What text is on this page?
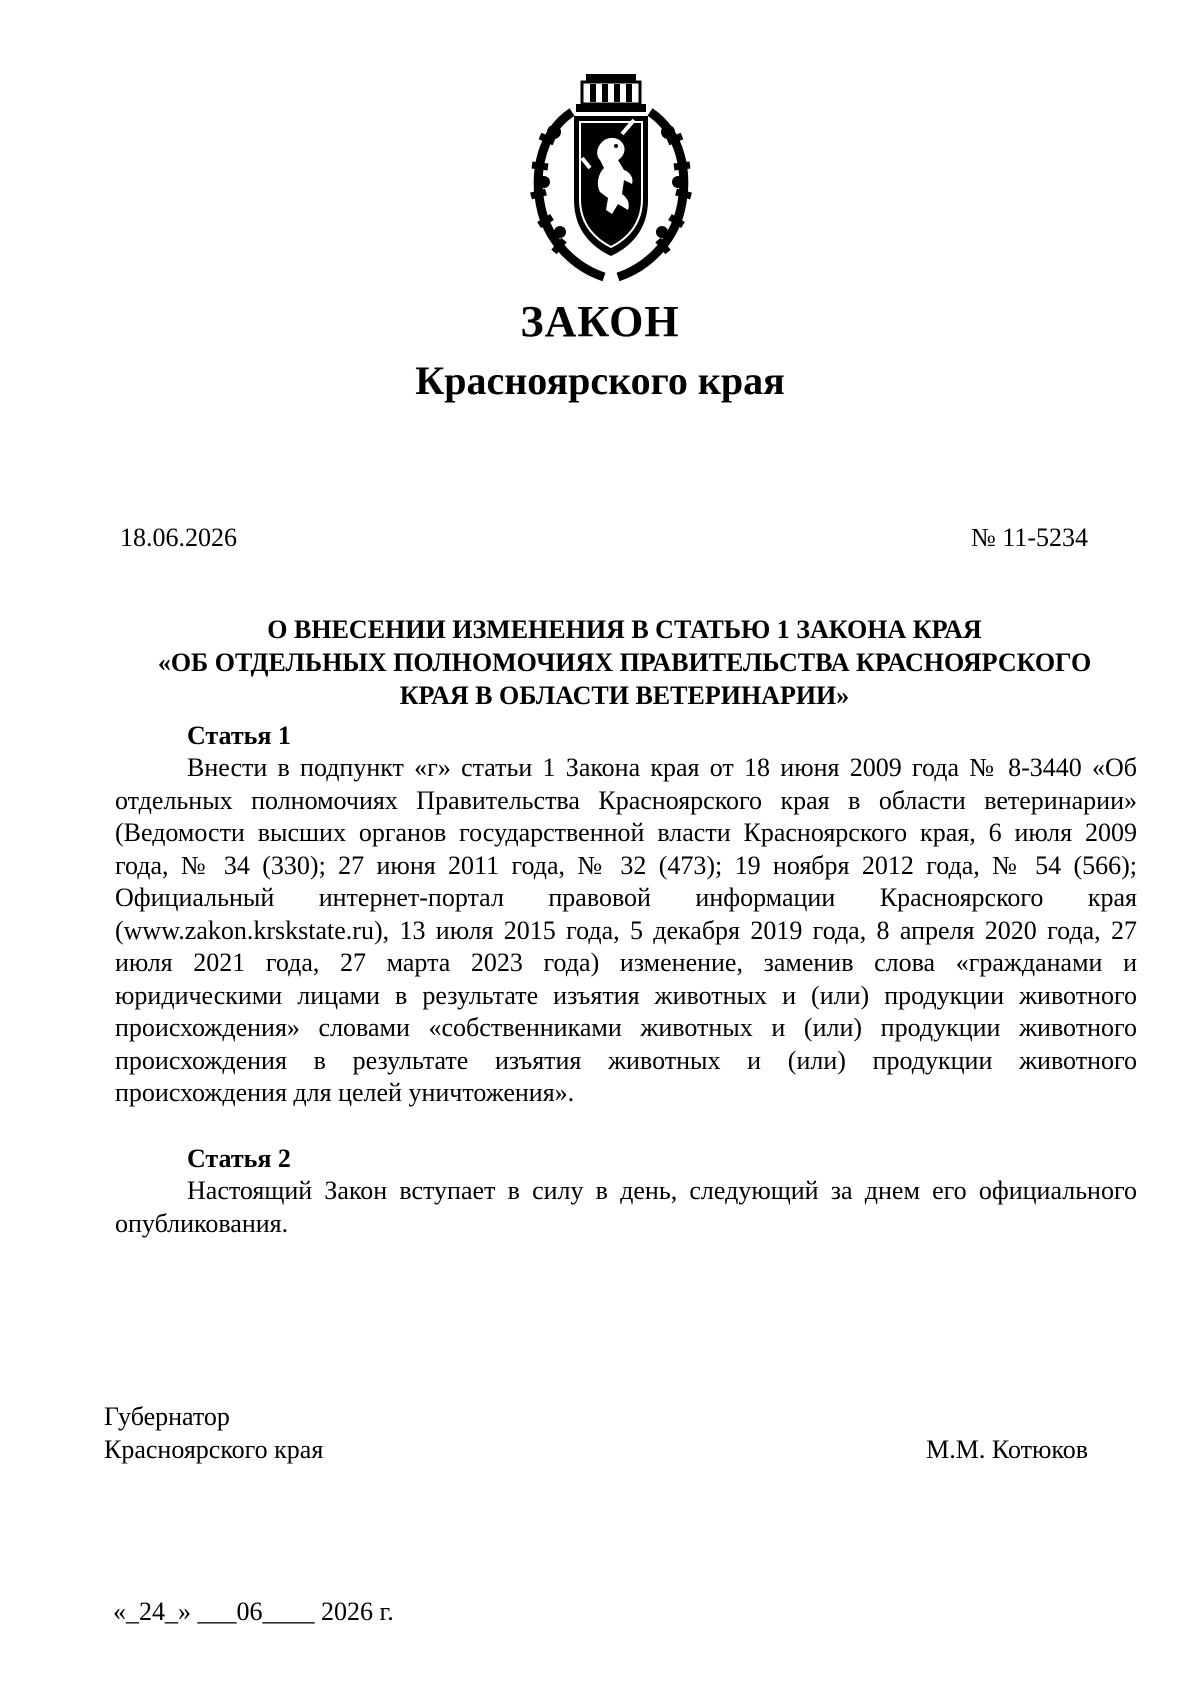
ЗАКОН
Красноярского края
18.06.2026	№ 11-5234
О ВНЕСЕНИИ ИЗМЕНЕНИЯ В СТАТЬЮ 1 ЗАКОНА КРАЯ
«ОБ ОТДЕЛЬНЫХ ПОЛНОМОЧИЯХ ПРАВИТЕЛЬСТВА КРАСНОЯРСКОГО
КРАЯ В ОБЛАСТИ ВЕТЕРИНАРИИ»
Статья 1
Внести в подпункт «г» статьи 1 Закона края от 18 июня 2009 года № 8-3440 «Об отдельных полномочиях Правительства Красноярского края в области ветеринарии» (Ведомости высших органов государственной власти Красноярского края, 6 июля 2009 года, № 34 (330); 27 июня 2011 года, № 32 (473); 19 ноября 2012 года, № 54 (566); Официальный интернет-портал правовой информации Красноярского края (www.zakon.krskstate.ru), 13 июля 2015 года, 5 декабря 2019 года, 8 апреля 2020 года, 27 июля 2021 года, 27 марта 2023 года) изменение, заменив слова «гражданами и юридическими лицами в результате изъятия животных и (или) продукции животного происхождения» словами «собственниками животных и (или) продукции животного происхождения в результате изъятия животных и (или) продукции животного происхождения для целей уничтожения».
Статья 2
Настоящий Закон вступает в силу в день, следующий за днем его официального опубликования.
Губернатор
Красноярского края	М.М. Котюков
«_24_» ___06____ 2026 г.
